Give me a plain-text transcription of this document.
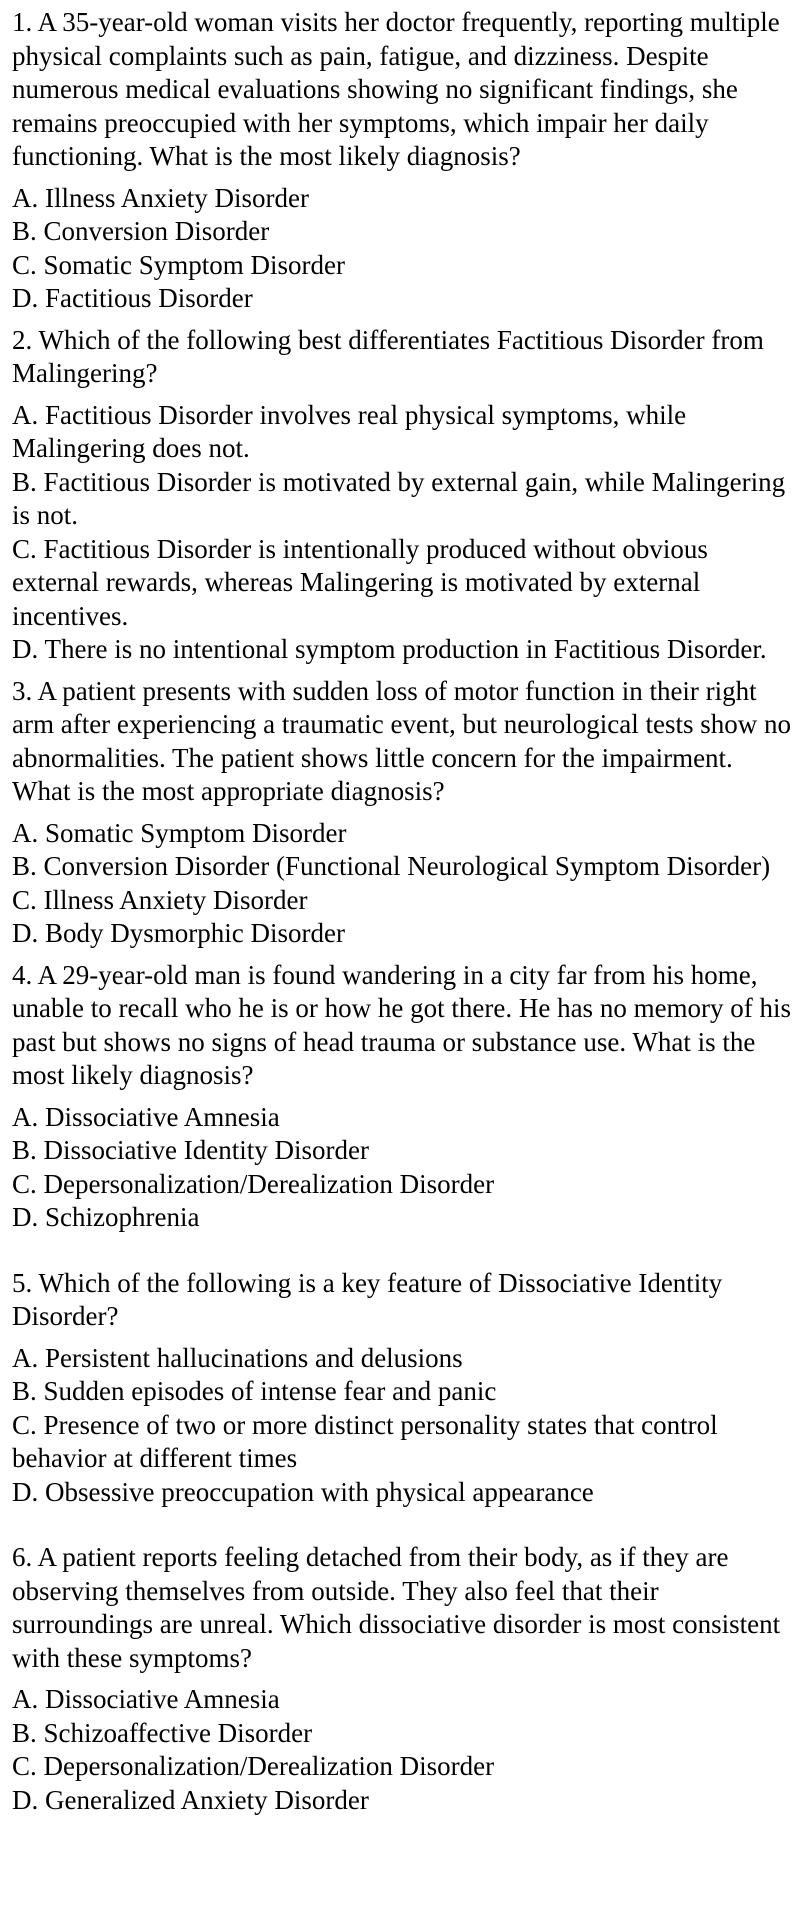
1. A 35-year-old woman visits her doctor frequently, reporting multiple physical complaints such as pain, fatigue, and dizziness. Despite numerous medical evaluations showing no significant findings, she remains preoccupied with her symptoms, which impair her daily functioning. What is the most likely diagnosis?

A. Illness Anxiety Disorder

B. Conversion Disorder

C. Somatic Symptom Disorder

D. Factitious Disorder

2. Which of the following best differentiates Factitious Disorder from Malingering?

A. Factitious Disorder involves real physical symptoms, while Malingering does not.

B. Factitious Disorder is motivated by external gain, while Malingering is not.

C. Factitious Disorder is intentionally produced without obvious external rewards, whereas Malingering is motivated by external incentives.

D. There is no intentional symptom production in Factitious Disorder.

3. A patient presents with sudden loss of motor function in their right arm after experiencing a traumatic event, but neurological tests show no abnormalities. The patient shows little concern for the impairment. What is the most appropriate diagnosis?

A. Somatic Symptom Disorder

B. Conversion Disorder (Functional Neurological Symptom Disorder)

C. Illness Anxiety Disorder

D. Body Dysmorphic Disorder

4. A 29-year-old man is found wandering in a city far from his home, unable to recall who he is or how he got there. He has no memory of his past but shows no signs of head trauma or substance use. What is the most likely diagnosis?

A. Dissociative Amnesia

B. Dissociative Identity Disorder

C. Depersonalization/Derealization Disorder

D. Schizophrenia

5. Which of the following is a key feature of Dissociative Identity Disorder?

A. Persistent hallucinations and delusions

B. Sudden episodes of intense fear and panic

C. Presence of two or more distinct personality states that control behavior at different times

D. Obsessive preoccupation with physical appearance

6. A patient reports feeling detached from their body, as if they are observing themselves from outside. They also feel that their surroundings are unreal. Which dissociative disorder is most consistent with these symptoms?

A. Dissociative Amnesia

B. Schizoaffective Disorder

C. Depersonalization/Derealization Disorder

D. Generalized Anxiety Disorder
